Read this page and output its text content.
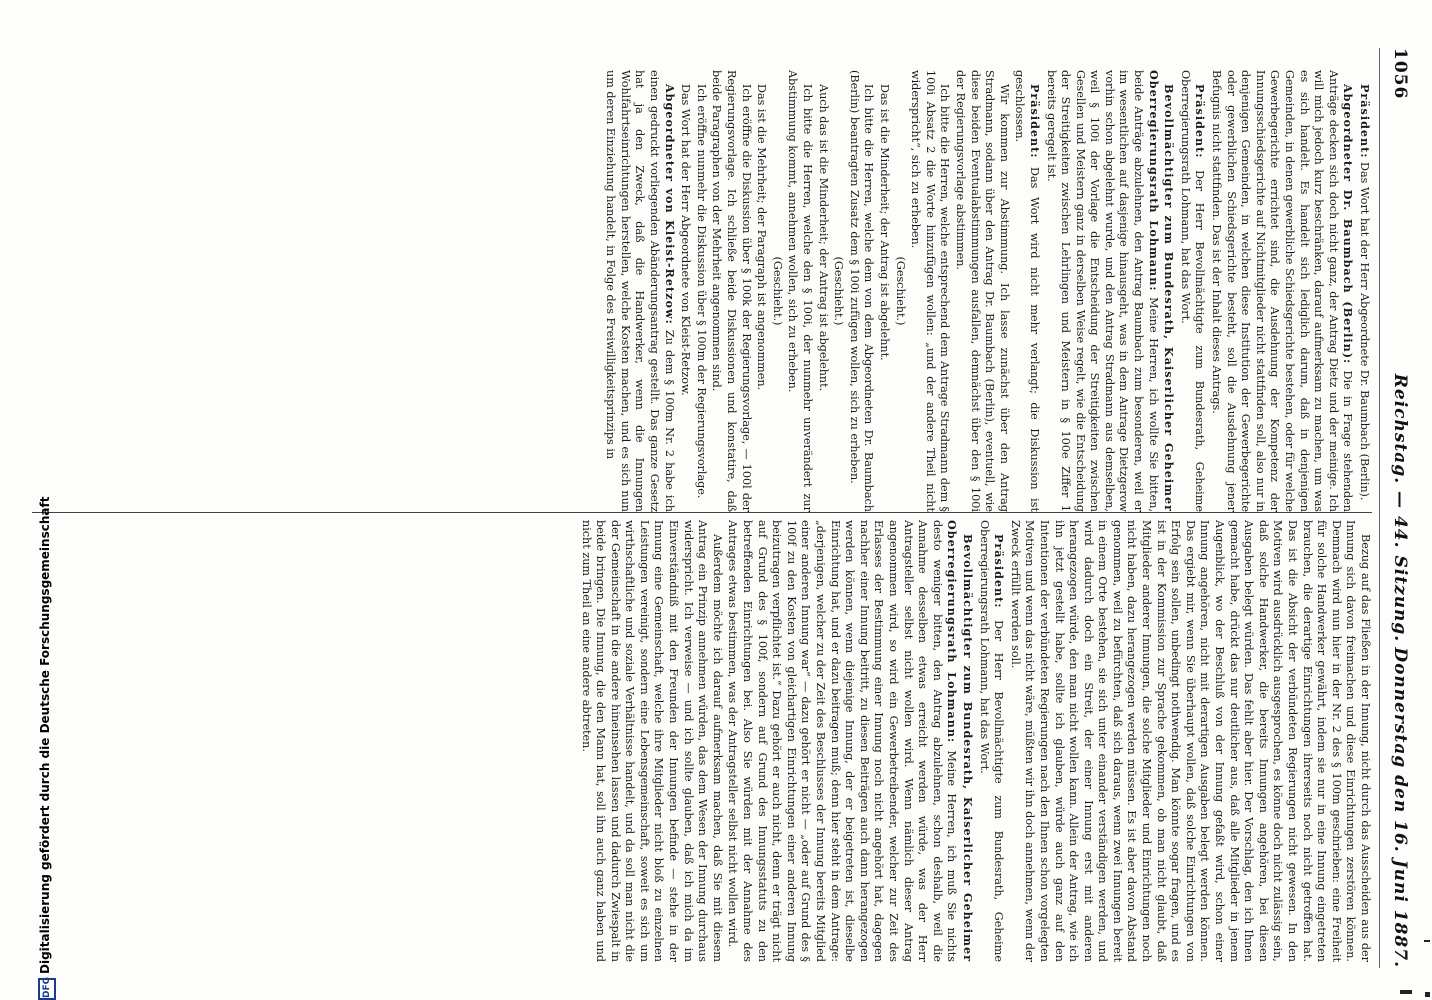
1056
Reichstag. — 44. Sitzung.
Donnerstag den 16. Juni 1887.

Präsident: Das Wort hat der Herr Abgeordnete Dr. Baumbach (Berlin).

Abgeordneter Dr. Baumbach (Berlin): Die in Frage stehenden Anträge decken sich doch nicht ganz, der Antrag Dietz und der meinige. Ich will mich jedoch kurz beschränken, darauf aufmerksam zu machen, um was es sich handelt. Es handelt sich lediglich darum, daß in denjenigen Gemeinden, in denen gewerbliche Schiedsgerichte bestehen, oder für welche Gewerbegerichte errichtet sind, die Ausdehnung der Kompetenz der Innungsschiedsgerichte auf Nichtmitglieder nicht stattfinden soll, also nur in denjenigen Gemeinden, in welchen diese Institution der Gewerbegerichte oder gewerblichen Schiedsgerichte besteht, soll die Ausdehnung jener Befugnis nicht stattfinden. Das ist der Inhalt dieses Antrags.

Präsident: Der Herr Bevollmächtigte zum Bundesrath, Geheime Oberregierungsrath Lohmann, hat das Wort.

Bevollmächtigter zum Bundesrath, Kaiserlicher Geheimer Oberregierungsrath Lohmann: Meine Herren, ich wollte Sie bitten, beide Anträge abzulehnen, den Antrag Baumbach zum besonderen, weil er im wesentlichen auf dasjenige hinausgeht, was in dem Antrage Dietzgerow vorhin schon abgelehnt wurde, und den Antrag Stradmann aus demselben, weil § 100i der Vorlage die Entscheidung der Streitigkeiten zwischen Gesellen und Meistern ganz in derselben Weise regelt, wie die Entscheidung der Streitigkeiten zwischen Lehrlingen und Meistern in § 100e Ziffer 1 bereits geregelt ist.

Präsident: Das Wort wird nicht mehr verlangt; die Diskussion ist geschlossen.

Wir kommen zur Abstimmung. Ich lasse zunächst über den Antrag Stradmann, sodann über den Antrag Dr. Baumbach (Berlin), eventuell, wie diese beiden Eventualabstimmungen ausfallen, demnächst über den § 100i der Regierungsvorlage abstimmen.

Ich bitte die Herren, welche entsprechend dem Antrage Stradmann dem § 100i Absatz 2 die Worte hinzufügen wollen: „und der andere Theil nicht widerspricht“, sich zu erheben.

(Geschieht.)

Das ist die Minderheit; der Antrag ist abgelehnt.

Ich bitte die Herren, welche dem von dem Abgeordneten Dr. Baumbach (Berlin) beantragten Zusatz dem § 100i zufügen wollen, sich zu erheben.

(Geschieht.)

Auch das ist die Minderheit; der Antrag ist abgelehnt.

Ich bitte die Herren, welche den § 100i, der nunmehr unverändert zur Abstimmung kommt, annehmen wollen, sich zu erheben.

(Geschieht.)

Das ist die Mehrheit; der Paragraph ist angenommen.

Ich eröffne die Diskussion über § 100k der Regierungsvorlage, — 100l der Regierungsvorlage. Ich schließe beide Diskussionen und konstatire, daß beide Paragraphen von der Mehrheit angenommen sind.

Ich eröffne nunmehr die Diskussion über § 100m der Regierungsvorlage.

Das Wort hat der Herr Abgeordnete von Kleist-Retzow.

Abgeordneter von Kleist-Retzow: Zu dem § 100m Nr. 2 habe ich einen gedruckt vorliegenden Abänderungsantrag gestellt. Das ganze Gesetz hat ja den Zweck, daß die Handwerker, wenn die Innungen Wohlfahrtseinrichtungen herstellen, welche Kosten machen, und es sich nun um deren Einziehung handelt, in Folge des Freiwilligkeitsprinzips in

Bezug auf das Fließen in der Innung, nicht durch das Ausscheiden aus der Innung sich davon freimachen und diese Einrichtungen zerstören können. Demnach wird nun hier in der Nr. 2 des § 100m geschrieben: eine Freiheit für solche Handwerker gewährt, indem sie nur in eine Innung eingetreten brauchen, die derartige Einrichtungen ihrerseits noch nicht getroffen hat. Das ist die Absicht der verbündeten Regierungen nicht gewesen. In den Motiven wird ausdrücklich ausgesprochen, es könne doch nicht zulässig sein, daß solche Handwerker, die bereits Innungen angehören, bei diesen Ausgaben belegt würden. Das fehlt aber hier. Der Vorschlag, den ich Ihnen gemacht habe, drückt das nur deutlicher aus, daß alle Mitglieder in jenem Augenblick, wo der Beschluß von der Innung gefaßt wird, schon einer Innung angehören, nicht mit derartigen Ausgaben belegt werden können. Das ergiebt mir, wenn Sie überhaupt wollen, daß solche Einrichtungen von Erfolg sein sollen, unbedingt nothwendig. Man könnte sogar fragen, und es ist in der Kommission zur Sprache gekommen, ob man nicht glaubt, daß Mitglieder anderer Innungen, die solche Mitglieder und Einrichtungen noch nicht haben, dazu herangezogen werden müssen. Es ist aber davon Abstand genommen, weil zu befürchten, daß sich daraus, wenn zwei Innungen bereit in einem Orte bestehen, sie sich unter einander verständigen werden, und wird dadurch doch ein Streit, der einer Innung erst mit anderen herangezogen würde, den man nicht wollen kann. Allein der Antrag, wie ich ihn jetzt gestellt habe, sollte ich glauben, würde auch ganz auf den Intentionen der verbündeten Regierungen nach den Ihnen schon vorgelegten Motiven und wenn das nicht wäre, müßten wir ihn doch annehmen, wenn der Zweck erfüllt werden soll.

Präsident: Der Herr Bevollmächtigte zum Bundesrath, Geheime Oberregierungsrath Lohmann, hat das Wort.

Bevollmächtigter zum Bundesrath, Kaiserlicher Geheimer Oberregierungsrath Lohmann: Meine Herren, ich muß Sie nichts desto weniger bitten, den Antrag abzulehnen, schon deshalb, weil die Annahme desselben etwas erreicht werden würde, was der Herr Antragsteller selbst nicht wollen wird. Wenn nämlich dieser Antrag angenommen wird, so wird ein Gewerbetreibender, welcher zur Zeit des Erlasses der Bestimmung einer Innung noch nicht angehört hat, dagegen nachher einer Innung beitritt, zu diesen Beiträgen auch dann herangezogen werden können, wenn diejenige Innung, der er beigetreten ist, dieselbe Einrichtung hat, und er dazu beitragen muß; denn hier steht in dem Antrage: „derjenigen, welcher zu der Zeit des Beschlusses der Innung bereits Mitglied einer anderen Innung war“ — dazu gehört er nicht — „oder auf Grund des § 100f zu den Kosten von gleichartigen Einrichtungen einer anderen Innung beizutragen verpflichtet ist.“ Dazu gehört er auch nicht, denn er trägt nicht auf Grund des § 100f, sondern auf Grund des Innungsstatuts zu den betreffenden Einrichtungen bei. Also Sie würden mit der Annahme des Antrages etwas bestimmen, was der Antragsteller selbst nicht wollen wird.

Außerdem möchte ich darauf aufmerksam machen, daß Sie mit diesem Antrag ein Prinzip annehmen würden, das dem Wesen der Innung durchaus widerspricht. Ich verweise — und ich sollte glauben, daß ich mich da im Einverständniß mit den Freunden der Innungen befinde — stehe in der Innung eine Gemeinschaft, welche ihre Mitglieder nicht bloß zu einzelnen Leistungen vereinigt, sondern eine Lebensgemeinschaft, soweit es sich um wirthschaftliche und soziale Verhältnisse handelt, und da soll man nicht die der Gemeinschaft in die andere hineinsehen lassen und dadurch Zwiespalt in beide bringen. Die Innung, die den Mann hat, soll ihn auch ganz haben und nicht zum Theil an eine andere abtreten.

DFG
Digitalisierung gefördert durch die Deutsche Forschungsgemeinschaft
